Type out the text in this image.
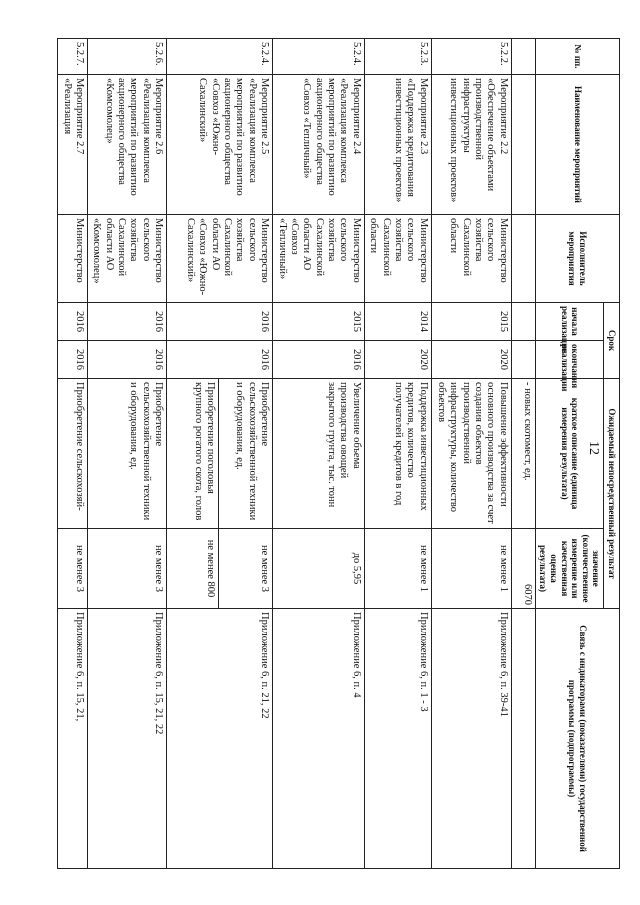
12
№ пп.	Наименование мероприятий	Исполнитель мероприятия	Срок		Ожидаемый непосредственный результат		Связь с индикаторами (показателями) государственной программы (подпрограммы)
			начала реализации	окончания реализации	краткое описание (единица измерения результата)	значение (количественное измерение или качественная оценка результата)	
					- новых скотомест, ед.	6070	
5.2.2.	Мероприятие 2.2 «Обеспечение объектами производственной инфраструктуры инвестиционных проектов»	Министерство сельского хозяйства Сахалинской области	2015	2020	Повышение эффективности основного производства за счет создания объектов производственной инфраструктуры, количество объектов	не менее 1	Приложение 6, п. 39-41
5.2.3.	Мероприятие 2.3 «Поддержка кредитования инвестиционных проектов»	Министерство сельского хозяйства Сахалинской области	2014	2020	Поддержка инвестиционных кредитов, количество получателей кредитов в год	не менее 1	Приложение 6, п. 1 - 3
5.2.4.	Мероприятие 2.4 «Реализация комплекса мероприятий по развитию акционерного общества «Совхоз «Тепличный»	Министерство сельского хозяйства Сахалинской области АО «Совхоз «Тепличный»	2015	2016	Увеличение объема производства овощей закрытого грунта, тыс. тонн	до 5,95	Приложение 6, п. 4
5.2.4.	Мероприятие 2.5 «Реализация комплекса мероприятий по развитию акционерного общества «Совхоз «Южно-Сахалинский»	Министерство сельского хозяйства Сахалинской области АО «Совхоз «Южно-Сахалинский»	2016	2016	Приобретение сельскохозяйственной техники и оборудования, ед.	не менее 3	Приложение 6, п. 21, 22
					Приобретение поголовья крупного рогатого скота, голов	не менее 800	
5.2.6.	Мероприятие 2.6 «Реализация комплекса мероприятий по развитию акционерного общества «Комсомолец»	Министерство сельского хозяйства Сахалинской области АО «Комсомолец»	2016	2016	Приобретение сельскохозяйственной техники и оборудования, ед.	не менее 3	Приложение 6, п. 15, 21, 22
5.2.7.	Мероприятие 2.7 «Реализация	Министерство	2016	2016	Приобретение сельскохозяй-	не менее 3	Приложение 6, п. 15, 21,
